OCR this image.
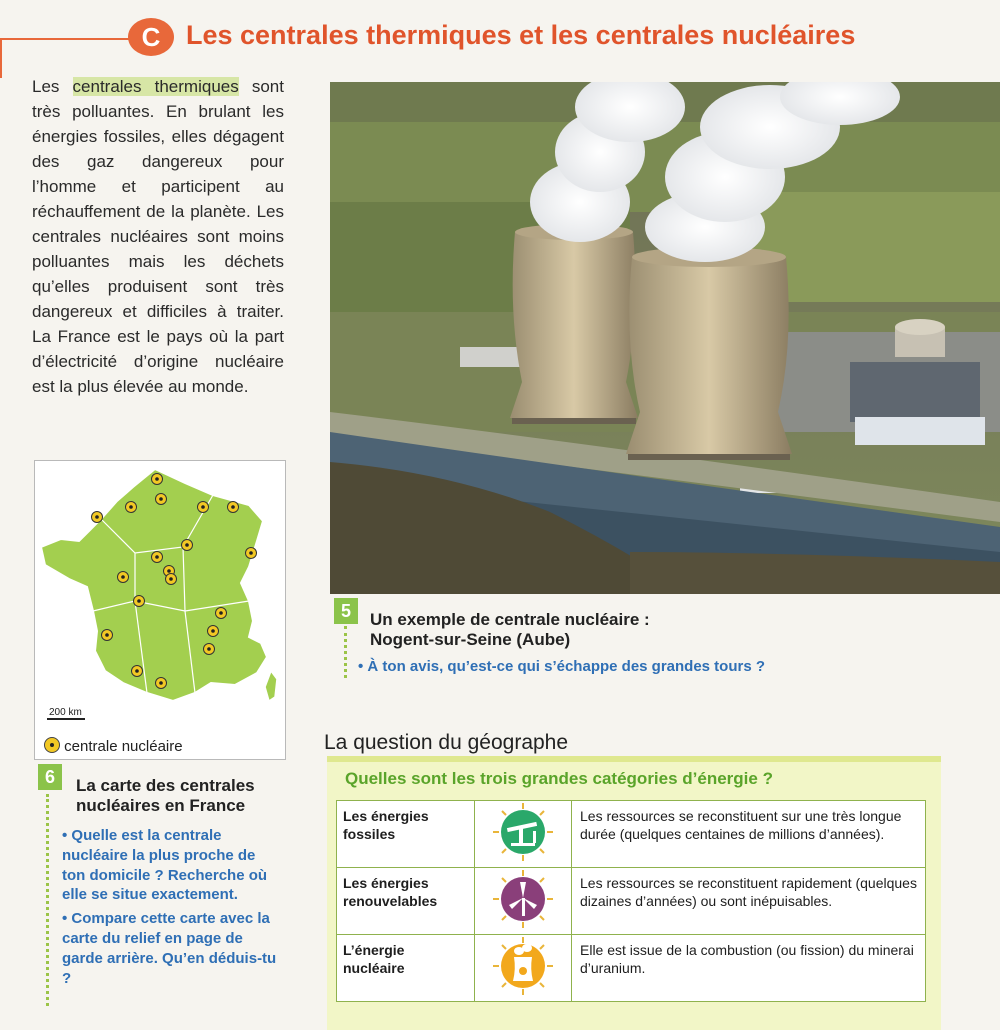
C Les centrales thermiques et les centrales nucléaires
Les centrales thermiques sont très polluantes. En brulant les énergies fossiles, elles dégagent des gaz dangereux pour l’homme et participent au réchauffement de la planète. Les centrales nucléaires sont moins polluantes mais les déchets qu’elles produisent sont très dangereux et difficiles à traiter. La France est le pays où la part d’électricité d’origine nucléaire est la plus élevée au monde.
5	Un exemple de centrale nucléaire :
Nogent-sur-Seine (Aube)
• À ton avis, qu’est-ce qui s’échappe des grandes tours ?
200 km
centrale nucléaire
6	La carte des centrales
nucléaires en France
• Quelle est la centrale nucléaire la plus proche de ton domicile ? Recherche où elle se situe exactement.
• Compare cette carte avec la carte du relief en page de garde arrière. Qu’en déduis-tu ?
La question du géographe
Quelles sont les trois grandes catégories d’énergie ?
Les énergies fossiles		Les ressources se reconstituent sur une très longue durée (quelques centaines de millions d’années).
Les énergies renouvelables		Les ressources se reconstituent rapidement (quelques dizaines d’années) ou sont inépuisables.
L’énergie nucléaire		Elle est issue de la combustion (ou fission) du minerai d’uranium.
